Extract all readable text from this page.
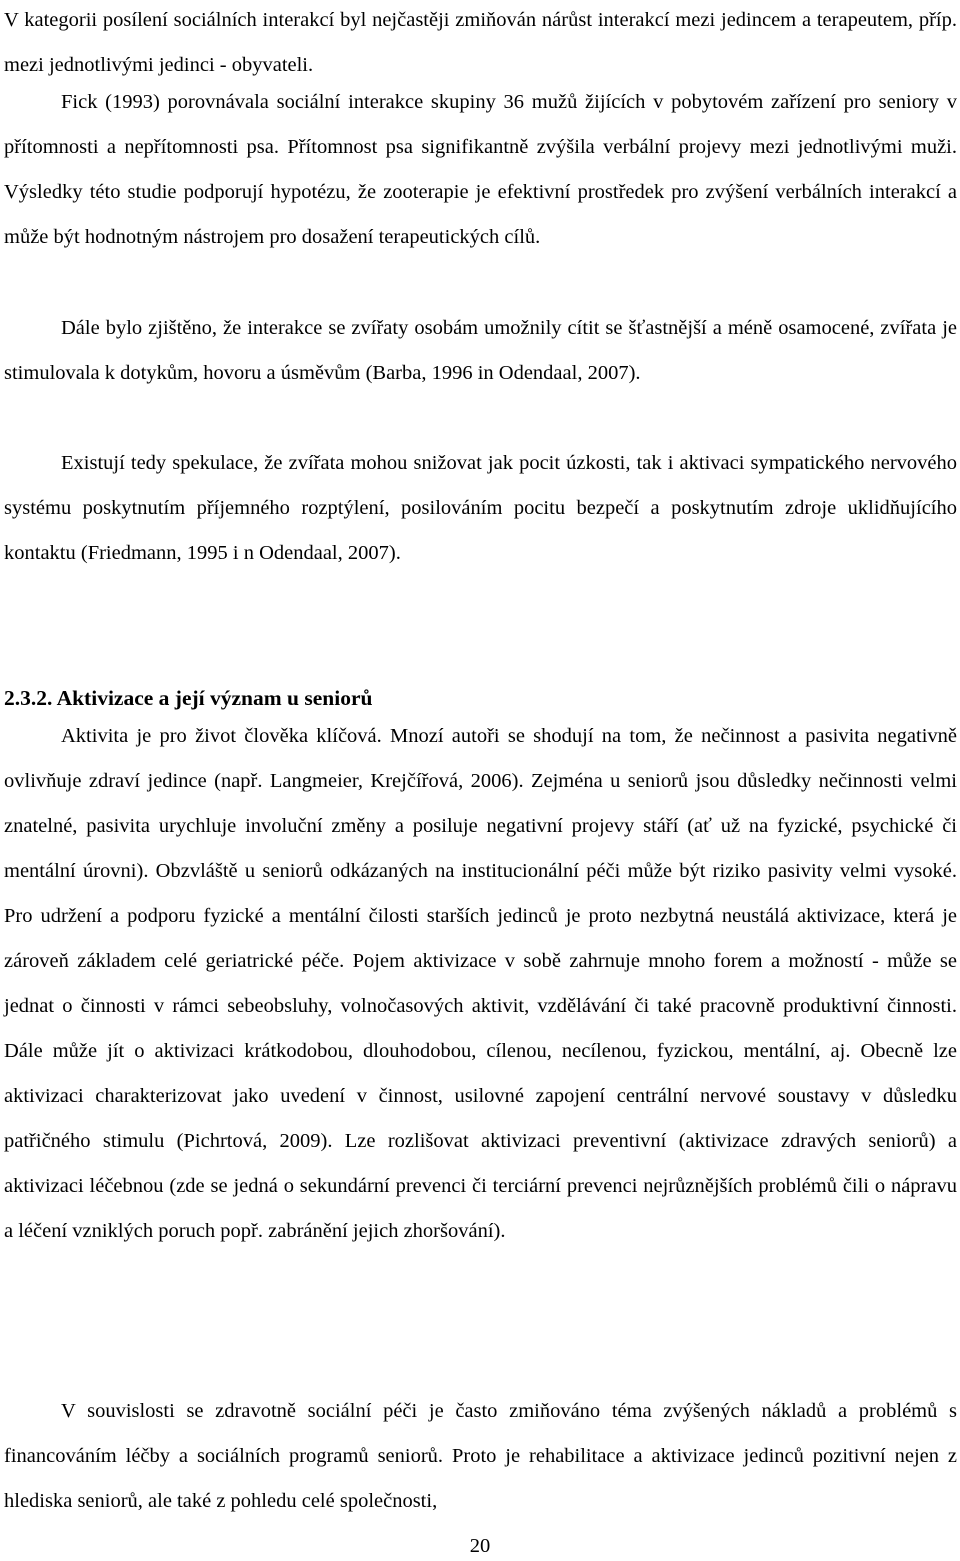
V kategorii posílení sociálních interakcí byl nejčastěji zmiňován nárůst interakcí mezi jedincem a terapeutem, příp. mezi jednotlivými jedinci - obyvateli.

Fick (1993) porovnávala sociální interakce skupiny 36 mužů žijících v pobytovém zařízení pro seniory v přítomnosti a nepřítomnosti psa. Přítomnost psa signifikantně zvýšila verbální projevy mezi jednotlivými muži. Výsledky této studie podporují hypotézu, že zooterapie je efektivní prostředek pro zvýšení verbálních interakcí a může být hodnotným nástrojem pro dosažení terapeutických cílů.

Dále bylo zjištěno, že interakce se zvířaty osobám umožnily cítit se šťastnější a méně osamocené, zvířata je stimulovala k dotykům, hovoru a úsměvům (Barba, 1996 in Odendaal, 2007).

Existují tedy spekulace, že zvířata mohou snižovat jak pocit úzkosti, tak i aktivaci sympatického nervového systému poskytnutím příjemného rozptýlení, posilováním pocitu bezpečí a poskytnutím zdroje uklidňujícího kontaktu (Friedmann, 1995 i n Odendaal, 2007).

2.3.2. Aktivizace a její význam u seniorů

Aktivita je pro život člověka klíčová. Mnozí autoři se shodují na tom, že nečinnost a pasivita negativně ovlivňuje zdraví jedince (např. Langmeier, Krejčířová, 2006). Zejména u seniorů jsou důsledky nečinnosti velmi znatelné, pasivita urychluje involuční změny a posiluje negativní projevy stáří (ať už na fyzické, psychické či mentální úrovni). Obzvláště u seniorů odkázaných na institucionální péči může být riziko pasivity velmi vysoké. Pro udržení a podporu fyzické a mentální čilosti starších jedinců je proto nezbytná neustálá aktivizace, která je zároveň základem celé geriatrické péče. Pojem aktivizace v sobě zahrnuje mnoho forem a možností - může se jednat o činnosti v rámci sebeobsluhy, volnočasových aktivit, vzdělávání či také pracovně produktivní činnosti. Dále může jít o aktivizaci krátkodobou, dlouhodobou, cílenou, necílenou, fyzickou, mentální, aj. Obecně lze aktivizaci charakterizovat jako uvedení v činnost, usilovné zapojení centrální nervové soustavy v důsledku patřičného stimulu (Pichrtová, 2009). Lze rozlišovat aktivizaci preventivní (aktivizace zdravých seniorů) a aktivizaci léčebnou (zde se jedná o sekundární prevenci či terciární prevenci nejrůznějších problémů čili o nápravu a léčení vzniklých poruch popř. zabránění jejich zhoršování).

V souvislosti se zdravotně sociální péči je často zmiňováno téma zvýšených nákladů a problémů s financováním léčby a sociálních programů seniorů. Proto je rehabilitace a aktivizace jedinců pozitivní nejen z hlediska seniorů, ale také z pohledu celé společnosti,

20
